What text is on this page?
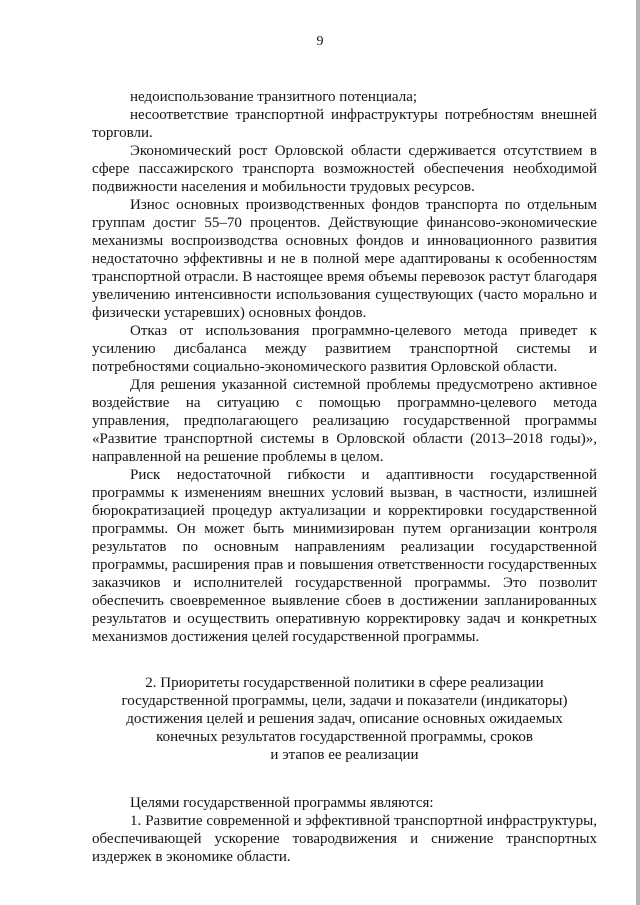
9

недоиспользование транзитного потенциала;

несоответствие транспортной инфраструктуры потребностям внешней торговли.

Экономический рост Орловской области сдерживается отсутствием в сфере пассажирского транспорта возможностей обеспечения необходимой подвижности населения и мобильности трудовых ресурсов.

Износ основных производственных фондов транспорта по отдельным группам достиг 55–70 процентов. Действующие финансово-экономические механизмы воспроизводства основных фондов и инновационного развития недостаточно эффективны и не в полной мере адаптированы к особенностям транспортной отрасли. В настоящее время объемы перевозок растут благодаря увеличению интенсивности использования существующих (часто морально и физически устаревших) основных фондов.

Отказ от использования программно-целевого метода приведет к усилению дисбаланса между развитием транспортной системы и потребностями социально-экономического развития Орловской области.

Для решения указанной системной проблемы предусмотрено активное воздействие на ситуацию с помощью программно-целевого метода управления, предполагающего реализацию государственной программы «Развитие транспортной системы в Орловской области (2013–2018 годы)», направленной на решение проблемы в целом.

Риск недостаточной гибкости и адаптивности государственной программы к изменениям внешних условий вызван, в частности, излишней бюрократизацией процедур актуализации и корректировки государственной программы. Он может быть минимизирован путем организации контроля результатов по основным направлениям реализации государственной программы, расширения прав и повышения ответственности государственных заказчиков и исполнителей государственной программы. Это позволит обеспечить своевременное выявление сбоев в достижении запланированных результатов и осуществить оперативную корректировку задач и конкретных механизмов достижения целей государственной программы.

2. Приоритеты государственной политики в сфере реализации
государственной программы, цели, задачи и показатели (индикаторы)
достижения целей и решения задач, описание основных ожидаемых
конечных результатов государственной программы, сроков
и этапов ее реализации

Целями государственной программы являются:

1. Развитие современной и эффективной транспортной инфраструктуры, обеспечивающей ускорение товародвижения и снижение транспортных издержек в экономике области.
